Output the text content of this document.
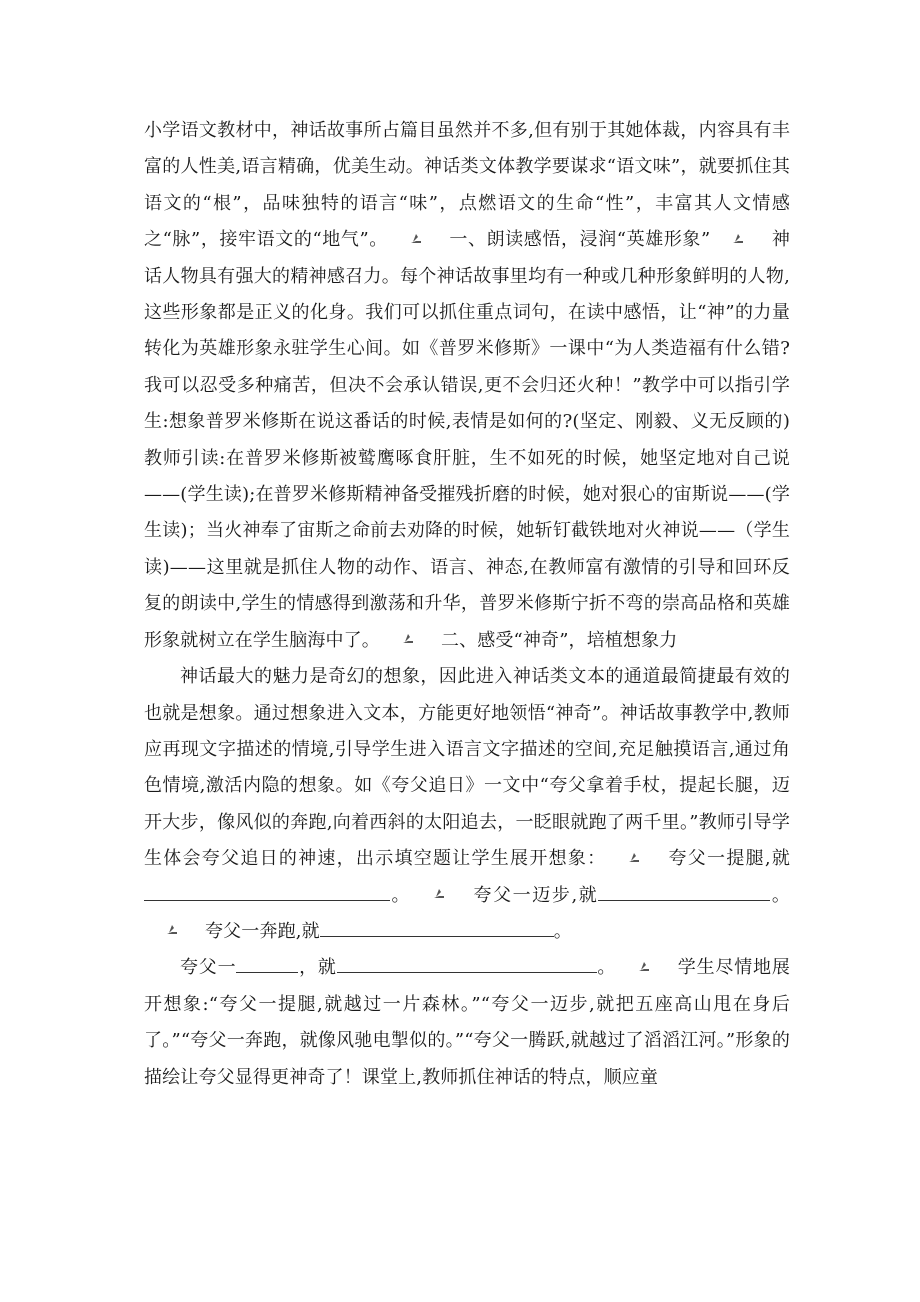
小学语文教材中，神话故事所占篇目虽然并不多,但有别于其她体裁，内容具有丰富的人性美,语言精确，优美生动。神话类文体教学要谋求“语文味”，就要抓住其语文的“根”，品味独特的语言“味”，点燃语文的生命“性”，丰富其人文情感之“脉”，接牢语文的“地气”。	一、朗读感悟，浸润“英雄形象”	神话人物具有强大的精神感召力。每个神话故事里均有一种或几种形象鲜明的人物,这些形象都是正义的化身。我们可以抓住重点词句，在读中感悟，让“神”的力量转化为英雄形象永驻学生心间。如《普罗米修斯》一课中“为人类造福有什么错?我可以忍受多种痛苦，但决不会承认错误,更不会归还火种！”教学中可以指引学生:想象普罗米修斯在说这番话的时候,表情是如何的?(坚定、刚毅、义无反顾的)教师引读:在普罗米修斯被鹫鹰啄食肝脏，生不如死的时候，她坚定地对自己说——(学生读);在普罗米修斯精神备受摧残折磨的时候，她对狠心的宙斯说——(学生读)；当火神奉了宙斯之命前去劝降的时候，她斩钉截铁地对火神说——（学生读)——这里就是抓住人物的动作、语言、神态,在教师富有激情的引导和回环反复的朗读中,学生的情感得到激荡和升华，普罗米修斯宁折不弯的崇高品格和英雄形象就树立在学生脑海中了。	二、感受“神奇”，培植想象力

神话最大的魅力是奇幻的想象，因此进入神话类文本的通道最简捷最有效的也就是想象。通过想象进入文本，方能更好地领悟“神奇”。神话故事教学中,教师应再现文字描述的情境,引导学生进入语言文字描述的空间,充足触摸语言,通过角色情境,激活内隐的想象。如《夸父追日》一文中“夸父拿着手杖，提起长腿，迈开大步，像风似的奔跑,向着西斜的太阳追去，一眨眼就跑了两千里。”教师引导学生体会夸父追日的神速，出示填空题让学生展开想象：	夸父一提腿,就。	夸父一迈步,就	。
夸父一奔跑,就	。

夸父一	，就	。	学生尽情地展开想象:“夸父一提腿,就越过一片森林。”“夸父一迈步,就把五座高山甩在身后了。”“夸父一奔跑，就像风驰电掣似的。”“夸父一腾跃,就越过了滔滔江河。”形象的描绘让夸父显得更神奇了！课堂上,教师抓住神话的特点，顺应童
